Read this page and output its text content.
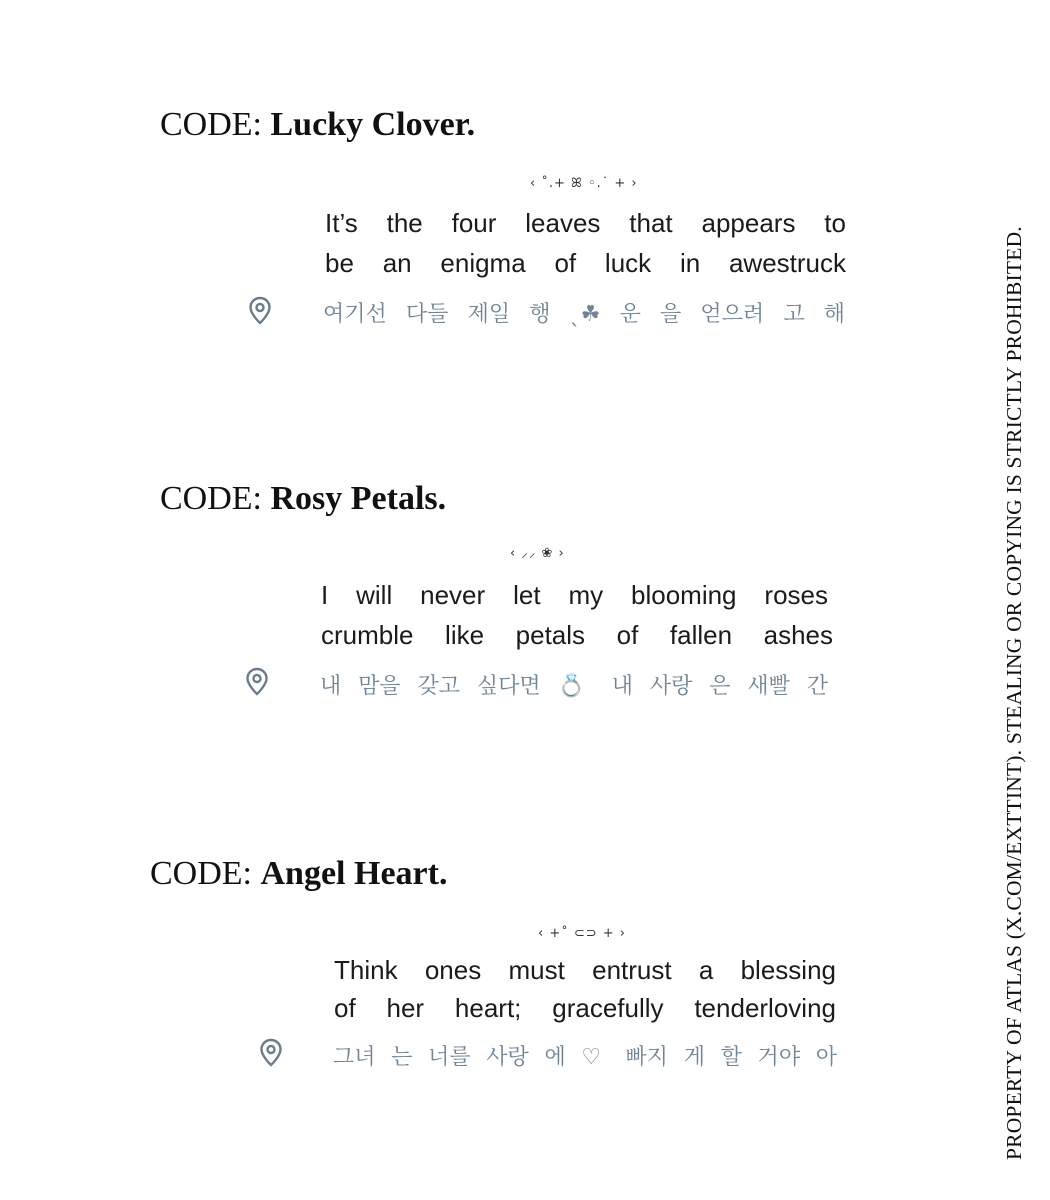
CODE: Lucky Clover.
‹ ˚.+ ꕤ ◦.˙ + ›
It’s the four leaves that appears to
be an enigma of luck in awestruck
여기선 다들 제일 행 ˎ☘ 운 을 얻으려 고 해
CODE: Rosy Petals.
‹ ⸝⸝ ❀ ›
I will never let my blooming roses
crumble like petals of fallen ashes
내 맘을 갖고 싶다면 💍 내 사랑 은 새빨 간
CODE: Angel Heart.
‹ +˚ ⊂⊃ + ›
Think ones must entrust a blessing
of her heart; gracefully tenderloving
그녀 는 너를 사랑 에 ♡ 빠지 게 할 거야 아	PROPERTY OF ATLAS (X.COM/EXTTINT). STEALING OR COPYING IS STRICTLY PROHIBITED.
